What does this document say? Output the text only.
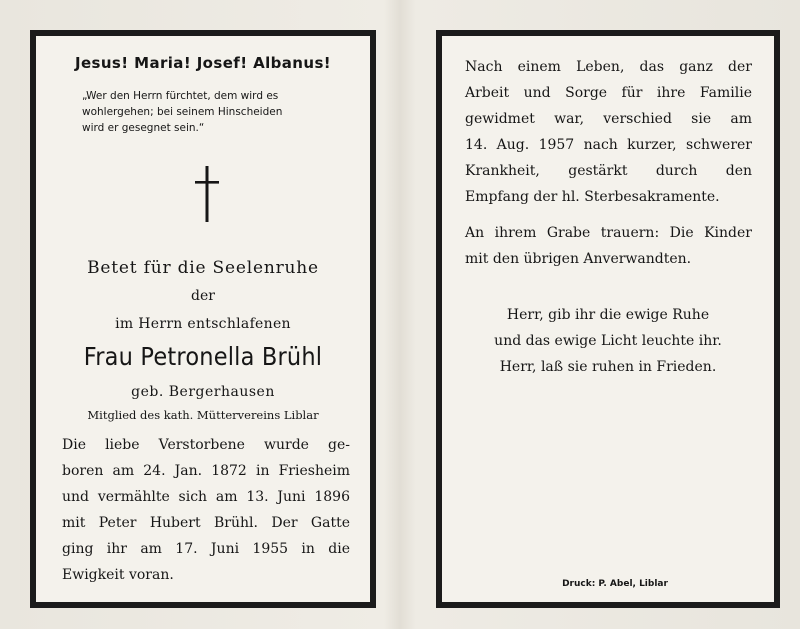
Jesus! Maria! Josef! Albanus!
„Wer den Herrn fürchtet, dem wird es
wohlergehen; bei seinem Hinscheiden
wird er gesegnet sein.“
Betet für die Seelenruhe
der
im Herrn entschlafenen
Frau Petronella Brühl
geb. Bergerhausen
Mitglied des kath. Müttervereins Liblar
Die liebe Verstorbene wurde ge-
boren am 24. Jan. 1872 in Friesheim
und vermählte sich am 13. Juni 1896
mit Peter Hubert Brühl. Der Gatte
ging ihr am 17. Juni 1955 in die
Ewigkeit voran.
Nach einem Leben, das ganz der
Arbeit und Sorge für ihre Familie
gewidmet war, verschied sie am
14. Aug. 1957 nach kurzer, schwerer
Krankheit, gestärkt durch den
Empfang der hl. Sterbesakramente.
An ihrem Grabe trauern: Die Kinder
mit den übrigen Anverwandten.
Herr, gib ihr die ewige Ruhe
und das ewige Licht leuchte ihr.
Herr, laß sie ruhen in Frieden.
Druck: P. Abel, Liblar
